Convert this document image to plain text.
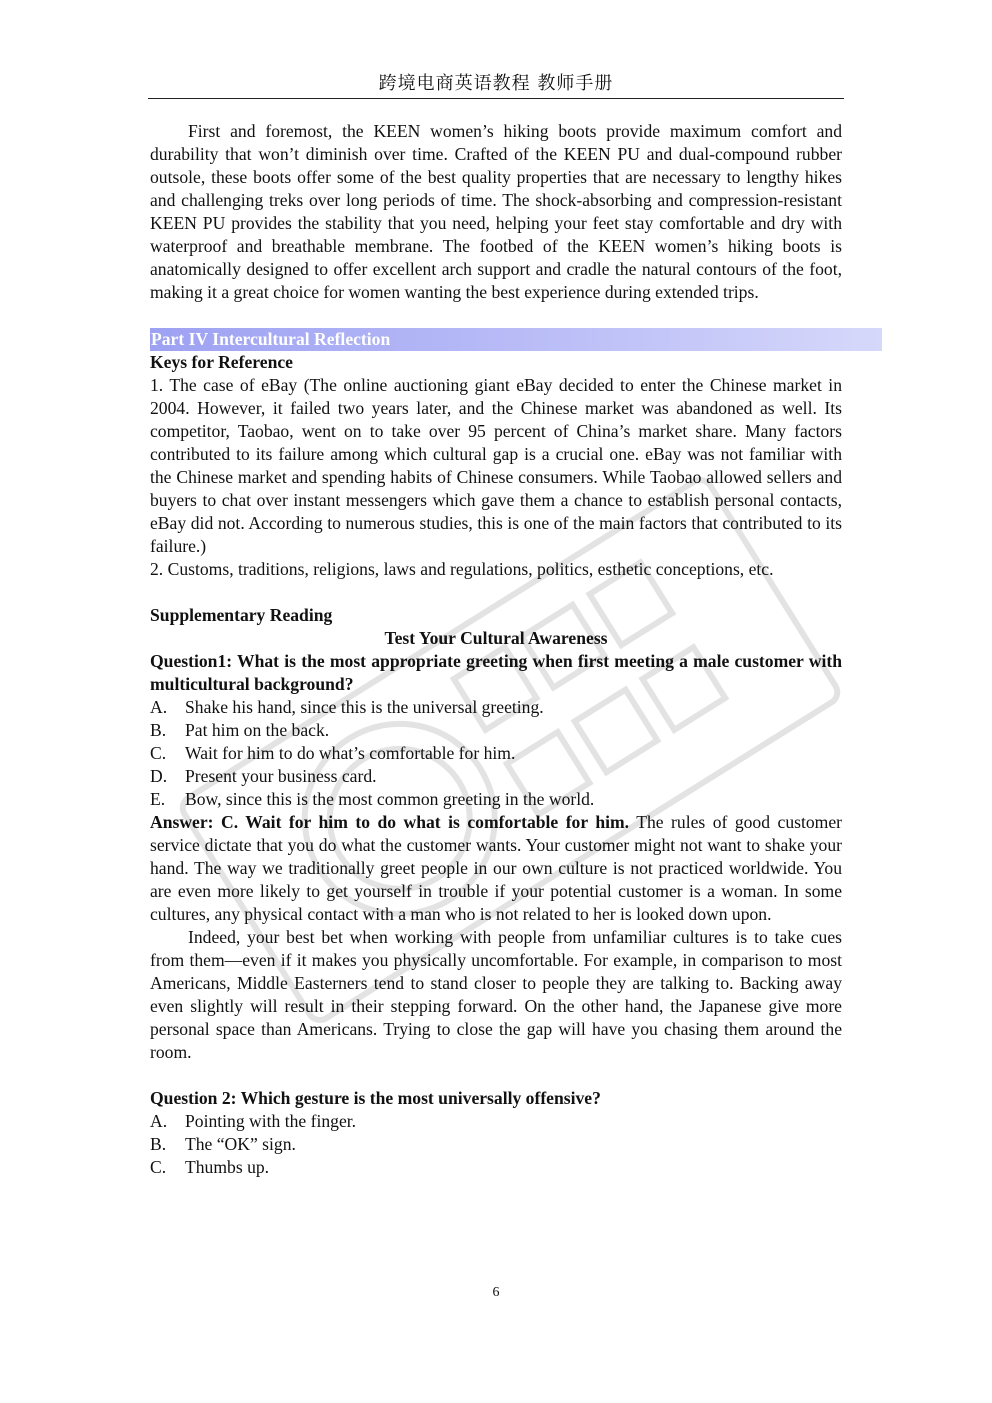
跨境电商英语教程 教师手册

First and foremost, the KEEN women’s hiking boots provide maximum comfort and durability that won’t diminish over time. Crafted of the KEEN PU and dual-compound rubber outsole, these boots offer some of the best quality properties that are necessary to lengthy hikes and challenging treks over long periods of time. The shock-absorbing and compression-resistant KEEN PU provides the stability that you need, helping your feet stay comfortable and dry with waterproof and breathable membrane. The footbed of the KEEN women’s hiking boots is anatomically designed to offer excellent arch support and cradle the natural contours of the foot, making it a great choice for women wanting the best experience during extended trips.

Part IV Intercultural Reflection
Keys for Reference

1. The case of eBay (The online auctioning giant eBay decided to enter the Chinese market in 2004. However, it failed two years later, and the Chinese market was abandoned as well. Its competitor, Taobao, went on to take over 95 percent of China’s market share. Many factors contributed to its failure among which cultural gap is a crucial one. eBay was not familiar with the Chinese market and spending habits of Chinese consumers. While Taobao allowed sellers and buyers to chat over instant messengers which gave them a chance to establish personal contacts, eBay did not. According to numerous studies, this is one of the main factors that contributed to its failure.)

2. Customs, traditions, religions, laws and regulations, politics, esthetic conceptions, etc.

Supplementary Reading
Test Your Cultural Awareness

Question1: What is the most appropriate greeting when first meeting a male customer with multicultural background?

A.	Shake his hand, since this is the universal greeting.
B.	Pat him on the back.
C.	Wait for him to do what’s comfortable for him.
D.	Present your business card.
E.	Bow, since this is the most common greeting in the world.

Answer: C. Wait for him to do what is comfortable for him. The rules of good customer service dictate that you do what the customer wants. Your customer might not want to shake your hand. The way we traditionally greet people in our own culture is not practiced worldwide. You are even more likely to get yourself in trouble if your potential customer is a woman. In some cultures, any physical contact with a man who is not related to her is looked down upon.

Indeed, your best bet when working with people from unfamiliar cultures is to take cues from them—even if it makes you physically uncomfortable. For example, in comparison to most Americans, Middle Easterners tend to stand closer to people they are talking to. Backing away even slightly will result in their stepping forward. On the other hand, the Japanese give more personal space than Americans. Trying to close the gap will have you chasing them around the room.

Question 2: Which gesture is the most universally offensive?

A.	Pointing with the finger.
B.	The “OK” sign.
C.	Thumbs up.
6
